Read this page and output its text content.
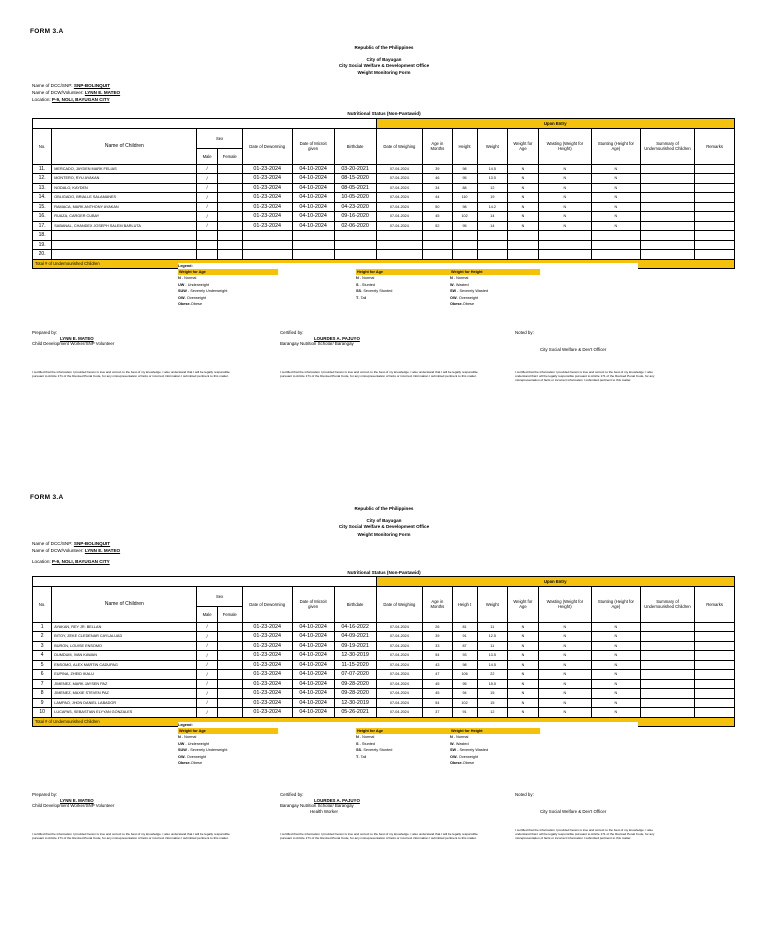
FORM 3.A
Republic of the Philippines
City of Bayugan
City Social Welfare & Development Office
Weight Monitoring Form
Name of DCC/SNP: SNP-BOLINQUIT
Name of DCW/Volunteer: LYNN E. MATEO
Location: P-9, NOLI, BAYUGAN CITY
Nutritional Status (Non-Pantawid)
							Upon Entry								
No.	Name of Children	Sex		Date of Deworming	Date of Microit given	Birthdate	Date of Weighing	Age in Months	Height	Weight	Weight for Age	Wasting (Weight for Height)	Stunting (Height for Age)	Summary of Undernourished Children	Remarks
		Male	Female												
11.	MERCADO, JAYDEN MARK FELIAS	/		01-23-2024	04-10-2024	03-20-2021	07-04-2024	39	98	14.5	N	N	N		
12.	MONTERO, RYU AYAKAN	/		01-23-2024	04-10-2024	08-15-2020	07-04-2024	46	95	13.5	N	N	N		
13.	NODALO, KAYDEN	/		01-23-2024	04-10-2024	08-05-2021	07-04-2024	34	88	12	N	N	N		
14.	OBLIGADO, BRIALLE SALAMANES	/		01-23-2024	04-10-2024	10-05-2020	07-04-2024	44	110	19	N	N	N		
15.	RAMACA, MARK ANTHONY AYAKAN	/		01-23-2024	04-10-2024	04-23-2020	07-04-2024	50	98	14.2	N	N	N		
16.	RUAZA, CARGER CUBAY	/		01-23-2024	04-10-2024	09-16-2020	07-04-2024	45	102	14	N	N	N		
17.	SABANAL, CHANDEX JOSEPH SALEM BARLUTA	/		01-23-2024	04-10-2024	02-06-2020	07-04-2024	52	95	14	N	N	N		
18.															
19.															
20.															
Total # of Undernourished Children																Legend:

Weight for Age
N - Normal
UW - Underweight
SUW - Severely Underweight
OW- Overweight
Obese-Obese
Height for Age
N - Normal
S - Stunted
SS- Severely Stunted
T- Tall
Weight for Height
N - Normal
W- Wasted
SW - Severely Wasted
OW- Overweight
Obese-Obese
Prepared by:
LYNN E. MATEO
Child Development Worker/SNP Volunteer
Certified by:
LOURDES A. PAJUYO
Barangay Nutrition Scholar/ Barangay
Noted by:
City Social Welfare & Dev't Officer
I certified that the information I provided herein is true and correct to the best of my knowledge. I also understand that I will be legally responsible pursuant to Article 171 of the Revised Penal Code, for any misrepresentation of facts or incorrect information I submitted pertinent to this matter.
I certified that the information I provided herein is true and correct to the best of my knowledge. I also understand that I will be legally responsible pursuant to Article 171 of the Revised Penal Code, for any misrepresentation of facts or incorrect information I submitted pertinent to this matter.
I certified that the information I provided herein is true and correct to the best of my knowledge. I also understand that I will be legally responsible pursuant to Article 171 of the Revised Penal Code, for any misrepresentation of facts or incorrect information I submitted pertinent to this matter.
FORM 3.A
Republic of the Philippines
City of Bayugan
City Social Welfare & Development Office
Weight Monitoring Form
Name of DCC/SNP: SNP-BOLINQUIT
Name of DCW/Volunteer: LYNN E. MATEO
Location: P-9, NOLI, BAYUGAN CITY
Nutritional Status (Non-Pantawid)
							Upon Entry								
No.	Name of Children	Sex		Date of Deworming	Date of Microit given	Birthdate	Date of Weighing	Age in Months	Heigh t	Weight	Weight for Age	Wasting (Weight for Height)	Stunting (Height for Age)	Summary of Undernourished Children	Remarks
		Male	Female												
1	AYAKAN, REY JR. BELLAN	/		01-23-2024	04-10-2024	04-16-2022	07-04-2024	26	81	11	N	N	N		
2	BITOY, ZEKE CLEDENAR CAYLALUAD	/		01-23-2024	04-10-2024	04-09-2021	07-04-2024	39	91	12.5	N	N	N		
3	BURON, LOUISE ENSOMO	/		01-23-2024	04-10-2024	09-19-2021	07-04-2024	33	87	11	N	N	N		
4	DUMDUM, IVAN KAWAN	/		01-23-2024	04-10-2024	12-30-2019	07-04-2024	54	93	13.5	N	N	N		
5	ENSOMO, ALEX MARTIN CADUPAG	/		01-23-2024	04-10-2024	11-15-2020	07-04-2024	43	98	14.5	N	N	N		
6	EUPINA, ZHEID IKALU	/		01-23-2024	04-10-2024	07-07-2020	07-04-2024	47	106	22	N	N	N		
7	JIMENEZ, MARK JAYSEN PAZ	/		01-23-2024	04-10-2024	09-28-2020	07-04-2024	45	95	15.5	N	N	N		
8	JIMENEZ, MAXIE STEVEN PAZ	/		01-23-2024	04-10-2024	09-28-2020	07-04-2024	45	94	15	N	N	N		
9	LAMPAO, JHON DANIEL LABADOR	/		01-23-2024	04-10-2024	12-30-2019	07-04-2024	54	102	15	N	N	N		
10	LUCAPAS, SEBASTIAN ELYYAN GONZALES	/		01-23-2024	04-10-2024	05-26-2021	07-04-2024	37	91	12	N	N	N		
Total # of Undernourished Children															
Legend:

Weight for Age
N - Normal
UW - Underweight
SUW - Severely Underweight
OW- Overweight
Obese-Obese
Height for Age
N - Normal
S - Stunted
SS- Severely Stunted
T- Tall
Weight for Height
N - Normal
W- Wasted
SW - Severely Wasted
OW- Overweight
Obese-Obese
Prepared by:
LYNN E. MATEO
Child Development Worker/SNP Volunteer
Certified by:
LOURDES A. PAJUYO
Barangay Nutrition Scholar/ Barangay
Health Worker
Noted by:
City Social Welfare & Dev't Officer
I certified that the information I provided herein is true and correct to the best of my knowledge. I also understand that I will be legally responsible pursuant to Article 171 of the Revised Penal Code, for any misrepresentation of facts or incorrect information I submitted pertinent to this matter.
I certified that the information I provided herein is true and correct to the best of my knowledge. I also understand that I will be legally responsible pursuant to Article 171 of the Revised Penal Code, for any misrepresentation of facts or incorrect information I submitted pertinent to this matter.
I certified that the information I provided herein is true and correct to the best of my knowledge. I also understand that I will be legally responsible pursuant to Article 171 of the Revised Penal Code, for any misrepresentation of facts or incorrect information I submitted pertinent to this matter.
